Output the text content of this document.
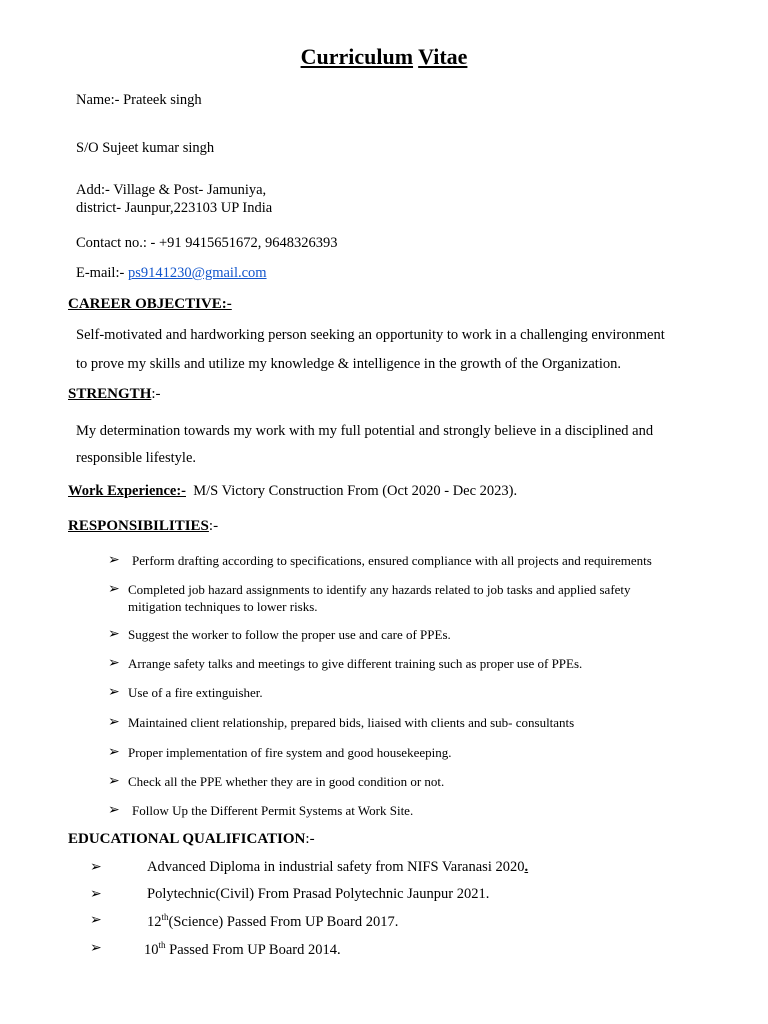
Curriculum Vitae
Name:- Prateek singh
S/O Sujeet kumar singh
Add:- Village & Post- Jamuniya,
district- Jaunpur,223103 UP India
Contact no.: - +91 9415651672, 9648326393
E-mail:- ps9141230@gmail.com
CAREER OBJECTIVE:-
Self-motivated and hardworking person seeking an opportunity to work in a challenging environment
to prove my skills and utilize my knowledge & intelligence in the growth of the Organization.
STRENGTH:-
My determination towards my work with my full potential and strongly believe in a disciplined and
responsible lifestyle.
Work Experience:- M/S Victory Construction From (Oct 2020 - Dec 2023).
RESPONSIBILITIES:-
➢ Perform drafting according to specifications, ensured compliance with all projects and requirements
➢ Completed job hazard assignments to identify any hazards related to job tasks and applied safety
mitigation techniques to lower risks.
➢ Suggest the worker to follow the proper use and care of PPEs.
➢ Arrange safety talks and meetings to give different training such as proper use of PPEs.
➢ Use of a fire extinguisher.
➢ Maintained client relationship, prepared bids, liaised with clients and sub- consultants
➢ Proper implementation of fire system and good housekeeping.
➢ Check all the PPE whether they are in good condition or not.
➢ Follow Up the Different Permit Systems at Work Site.
EDUCATIONAL QUALIFICATION:-
➢	Advanced Diploma in industrial safety from NIFS Varanasi 2020.
➢	Polytechnic(Civil) From Prasad Polytechnic Jaunpur 2021.
➢	12th(Science) Passed From UP Board 2017.
➢	10th Passed From UP Board 2014.
